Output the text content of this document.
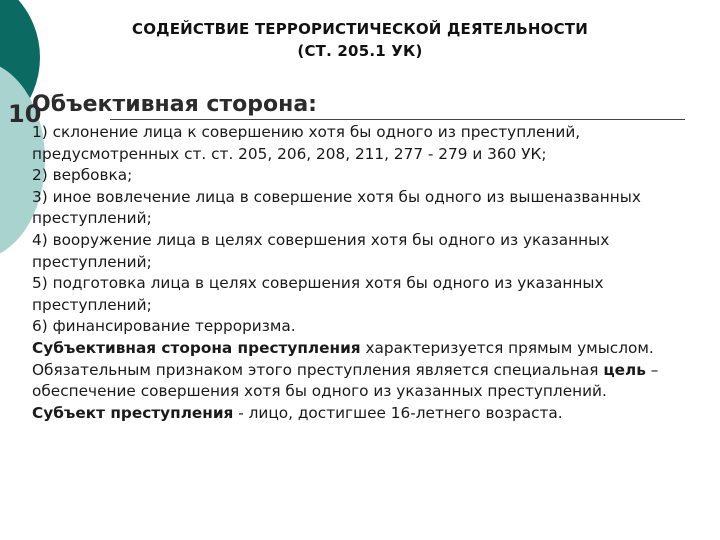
СОДЕЙСТВИЕ ТЕРРОРИСТИЧЕСКОЙ ДЕЯТЕЛЬНОСТИ
(СТ. 205.1 УК)
10
Объективная сторона:

1) склонение лица к совершению хотя бы одного из преступлений, предусмотренных ст. ст. 205, 206, 208, 211, 277 - 279 и 360 УК;

2) вербовка;

3) иное вовлечение лица в совершение хотя бы одного из вышеназванных преступлений;

4) вооружение лица в целях совершения хотя бы одного из указанных преступлений;

5) подготовка лица в целях совершения хотя бы одного из указанных преступлений;

6) финансирование терроризма.

Субъективная сторона преступления характеризуется прямым умыслом.

Обязательным признаком этого преступления является специальная цель – обеспечение совершения хотя бы одного из указанных преступлений.

Субъект преступления - лицо, достигшее 16-летнего возраста.
